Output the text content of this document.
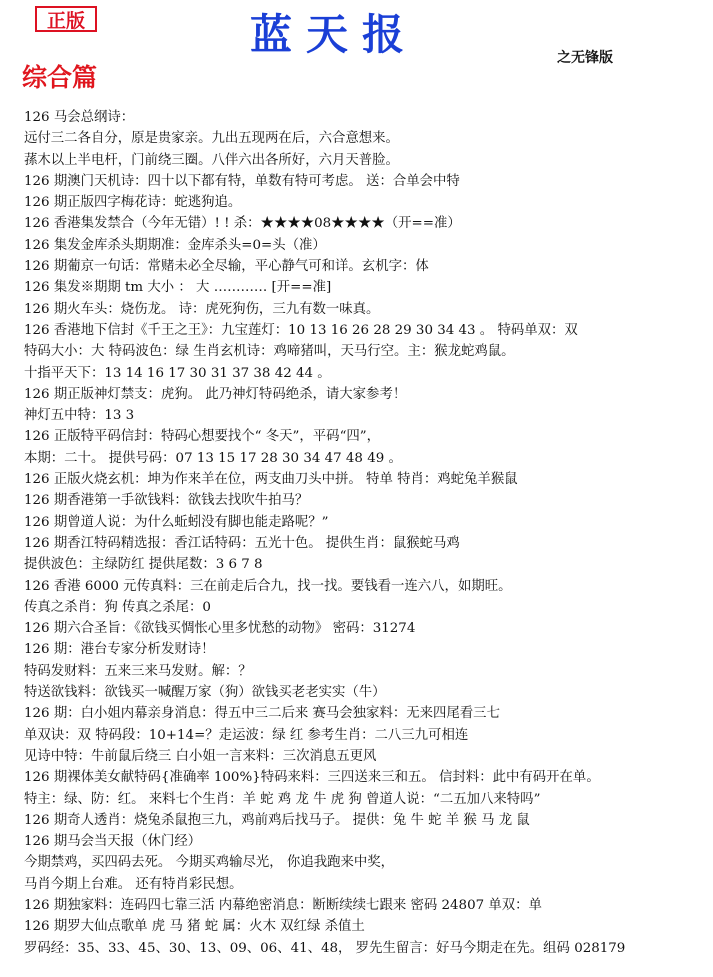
正版	蓝天报	之无锋版
综合篇
126 马会总纲诗：
远付三二各自分，原是贵家亲。九出五现两在后，六合意想来。
蓀木以上半电杆，门前绕三圈。八伴六出各所好，六月天普脸。
126 期澳门天机诗：四十以下都有特，单数有特可考虑。 送：合单会中特
126 期正版四字梅花诗：蛇逃狗追。
126 香港集发禁合（今年无错）! ! 杀：★★★★08★★★★（开==准）
126 集发金库杀头期期准：金库杀头=0=头（准）
126 期葡京一句话：常赌未必全尽输，平心静气可和详。玄机字：体
126 集发※期期 tm 大小 ： 大 ………… [开==准]
126 期火车头：烧伤龙。 诗：虎死狗伤，三九有数一味真。
126 香港地下信封《千王之王》：九宝莲灯：10 13 16 26 28 29 30 34 43 。 特码单双：双
特码大小：大 特码波色：绿 生肖玄机诗：鸡啼猪叫，天马行空。主：猴龙蛇鸡鼠。
十指平天下：13 14 16 17 30 31 37 38 42 44 。
126 期正版神灯禁支：虎狗。 此乃神灯特码绝杀，请大家参考！
神灯五中特：13 3
126 正版特平码信封：特码心想要找个“ 冬天”，平码“四”，
本期：二十。 提供号码：07 13 15 17 28 30 34 47 48 49 。
126 正版火烧玄机：坤为作来羊在位，两支曲刀头中拼。 特单 特肖：鸡蛇兔羊猴鼠
126 期香港第一手欲钱料：欲钱去找吹牛拍马？
126 期曾道人说：为什么蚯蚓没有脚也能走路呢？”
126 期香江特码精选报：香江话特码：五光十色。 提供生肖：鼠猴蛇马鸡
提供波色：主绿防红 提供尾数：3 6 7 8
126 香港 6000 元传真料：三在前走后合九，找一找。要钱看一连六八，如期旺。
传真之杀肖：狗 传真之杀尾：0
126 期六合圣旨：《欲钱买惆怅心里多忧愁的动物》 密码：31274
126 期：港台专家分析发财诗！
特码发财料：五来三来马发财。解：？
特送欲钱料：欲钱买一喊醒万家（狗）欲钱买老老实实（牛）
126 期：白小姐内幕亲身消息：得五中三二后来 赛马会独家料：无来四尾看三七
单双诀：双 特码段：10+14=？走运波：绿 红 参考生肖：二八三九可相连
见诗中特：牛前鼠后绕三 白小姐一言来料：三次消息五更风
126 期裸体美女献特码{准确率 100%}特码来料：三四送来三和五。 信封料：此中有码开在单。
特主：绿、防：红。 来料七个生肖：羊 蛇 鸡 龙 牛 虎 狗 曾道人说：“二五加八来特吗”
126 期奇人透肖：烧兔杀鼠抱三九，鸡前鸡后找马子。 提供：兔 牛 蛇 羊 猴 马 龙 鼠
126 期马会当天报（休门经）
今期禁鸡，买四码去死。 今期买鸡输尽光， 你追我跑来中奖，
马肖今期上台难。 还有特肖彩民想。
126 期独家料：连码四七靠三活 内幕绝密消息：断断续续七跟来 密码 24807 单双：单
126 期罗大仙点歌单 虎 马 猪 蛇 属：火木 双红绿 杀值土
罗码经：35、33、45、30、13、09、06、41、48， 罗先生留言：好马今期走在先。组码 028179
